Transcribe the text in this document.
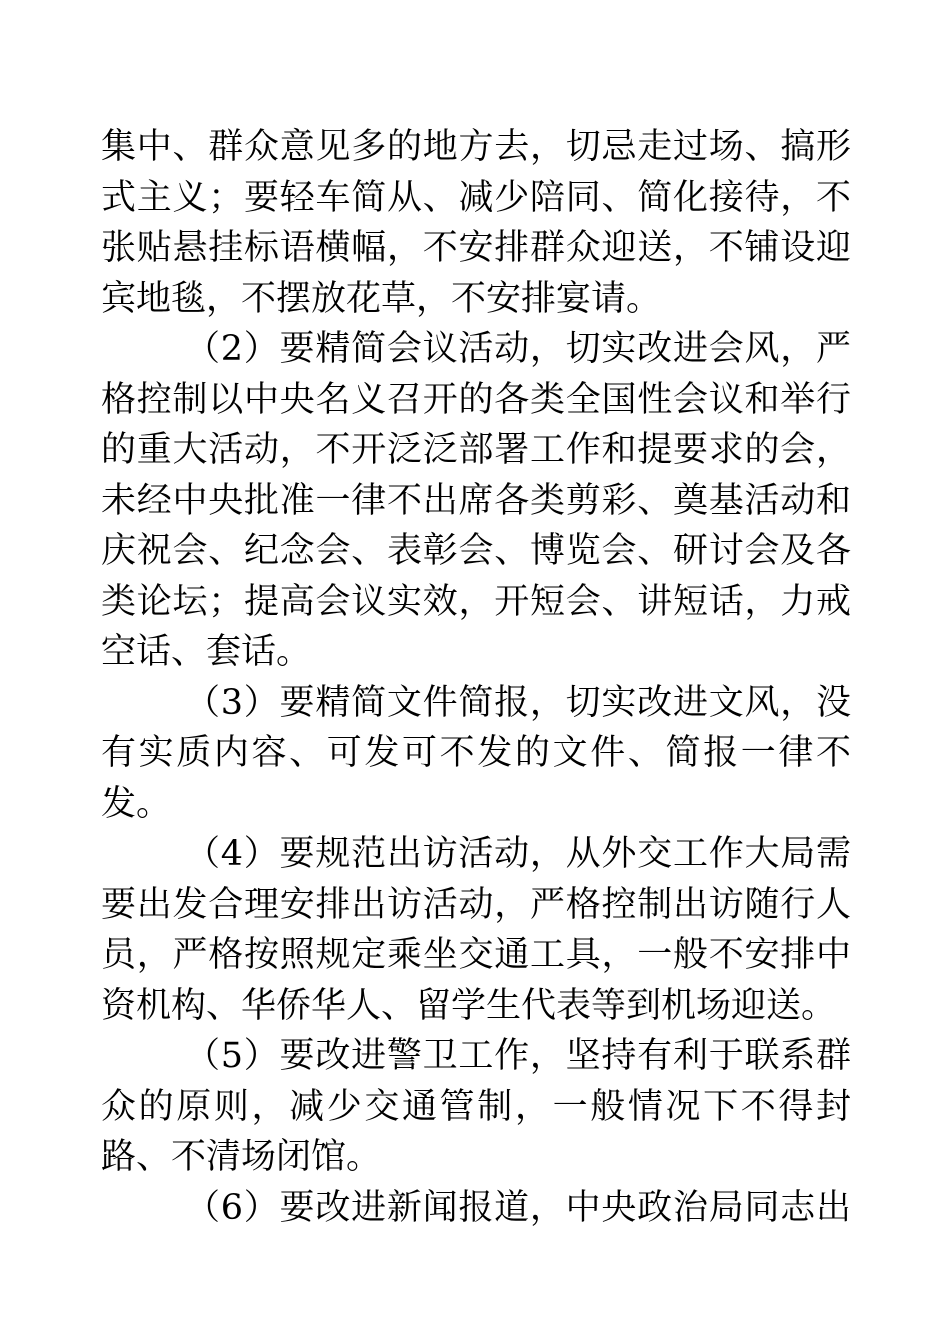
集中、群众意见多的地方去，切忌走过场、搞形
式主义；要轻车简从、减少陪同、简化接待，不
张贴悬挂标语横幅，不安排群众迎送，不铺设迎
宾地毯，不摆放花草，不安排宴请。
（2）要精简会议活动，切实改进会风，严
格控制以中央名义召开的各类全国性会议和举行
的重大活动，不开泛泛部署工作和提要求的会，
未经中央批准一律不出席各类剪彩、奠基活动和
庆祝会、纪念会、表彰会、博览会、研讨会及各
类论坛；提高会议实效，开短会、讲短话，力戒
空话、套话。
（3）要精简文件简报，切实改进文风，没
有实质内容、可发可不发的文件、简报一律不
发。
（4）要规范出访活动，从外交工作大局需
要出发合理安排出访活动，严格控制出访随行人
员，严格按照规定乘坐交通工具，一般不安排中
资机构、华侨华人、留学生代表等到机场迎送。
（5）要改进警卫工作，坚持有利于联系群
众的原则，减少交通管制，一般情况下不得封
路、不清场闭馆。
（6）要改进新闻报道，中央政治局同志出
